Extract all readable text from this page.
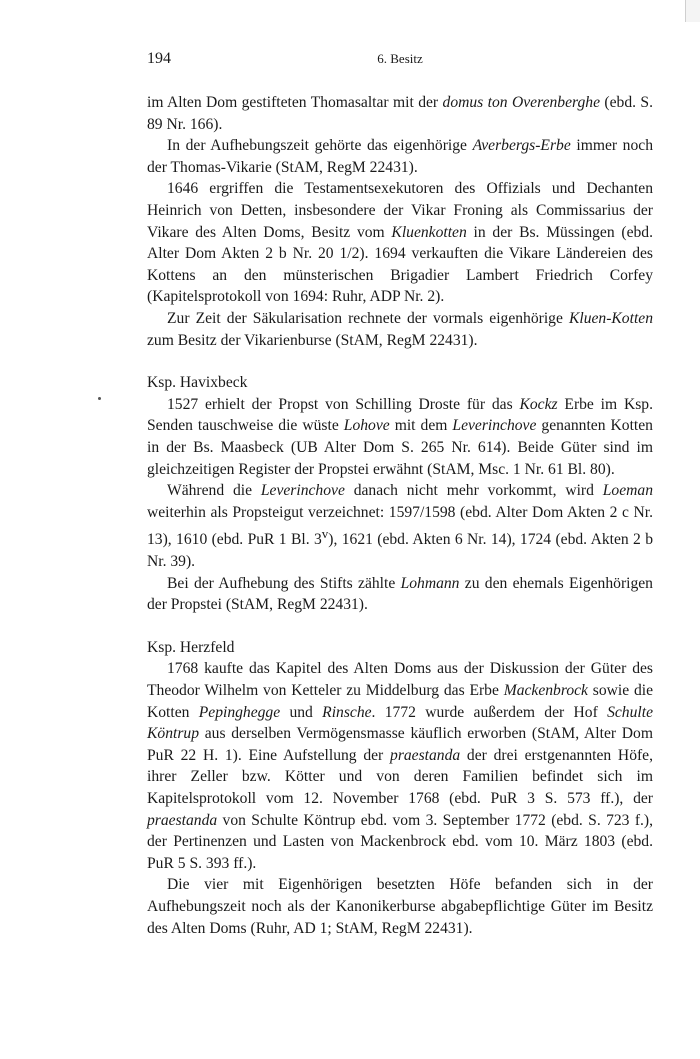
194	6. Besitz

im Alten Dom gestifteten Thomasaltar mit der domus ton Overenberghe (ebd. S. 89 Nr. 166).

In der Aufhebungszeit gehörte das eigenhörige Averbergs-Erbe immer noch der Thomas-Vikarie (StAM, RegM 22431).

1646 ergriffen die Testamentsexekutoren des Offizials und Dechanten Heinrich von Detten, insbesondere der Vikar Froning als Commissarius der Vikare des Alten Doms, Besitz vom Kluenkotten in der Bs. Müssingen (ebd. Alter Dom Akten 2 b Nr. 20 1/2). 1694 verkauften die Vikare Ländereien des Kottens an den münsterischen Brigadier Lambert Friedrich Corfey (Kapitelsprotokoll von 1694: Ruhr, ADP Nr. 2).

Zur Zeit der Säkularisation rechnete der vormals eigenhörige Kluen-Kotten zum Besitz der Vikarienburse (StAM, RegM 22431).

Ksp. Havixbeck

1527 erhielt der Propst von Schilling Droste für das Kockz Erbe im Ksp. Senden tauschweise die wüste Lohove mit dem Leverinchove genannten Kotten in der Bs. Maasbeck (UB Alter Dom S. 265 Nr. 614). Beide Güter sind im gleichzeitigen Register der Propstei erwähnt (StAM, Msc. 1 Nr. 61 Bl. 80).

Während die Leverinchove danach nicht mehr vorkommt, wird Loeman weiterhin als Propsteigut verzeichnet: 1597/1598 (ebd. Alter Dom Akten 2 c Nr. 13), 1610 (ebd. PuR 1 Bl. 3$^v$), 1621 (ebd. Akten 6 Nr. 14), 1724 (ebd. Akten 2 b Nr. 39).

Bei der Aufhebung des Stifts zählte Lohmann zu den ehemals Eigenhörigen der Propstei (StAM, RegM 22431).

Ksp. Herzfeld

1768 kaufte das Kapitel des Alten Doms aus der Diskussion der Güter des Theodor Wilhelm von Ketteler zu Middelburg das Erbe Mackenbrock sowie die Kotten Pepinghegge und Rinsche. 1772 wurde außerdem der Hof Schulte Köntrup aus derselben Vermögensmasse käuflich erworben (StAM, Alter Dom PuR 22 H. 1). Eine Aufstellung der praestanda der drei erstgenannten Höfe, ihrer Zeller bzw. Kötter und von deren Familien befindet sich im Kapitelsprotokoll vom 12. November 1768 (ebd. PuR 3 S. 573 ff.), der praestanda von Schulte Köntrup ebd. vom 3. September 1772 (ebd. S. 723 f.), der Pertinenzen und Lasten von Mackenbrock ebd. vom 10. März 1803 (ebd. PuR 5 S. 393 ff.).

Die vier mit Eigenhörigen besetzten Höfe befanden sich in der Aufhebungszeit noch als der Kanonikerburse abgabepflichtige Güter im Besitz des Alten Doms (Ruhr, AD 1; StAM, RegM 22431).
